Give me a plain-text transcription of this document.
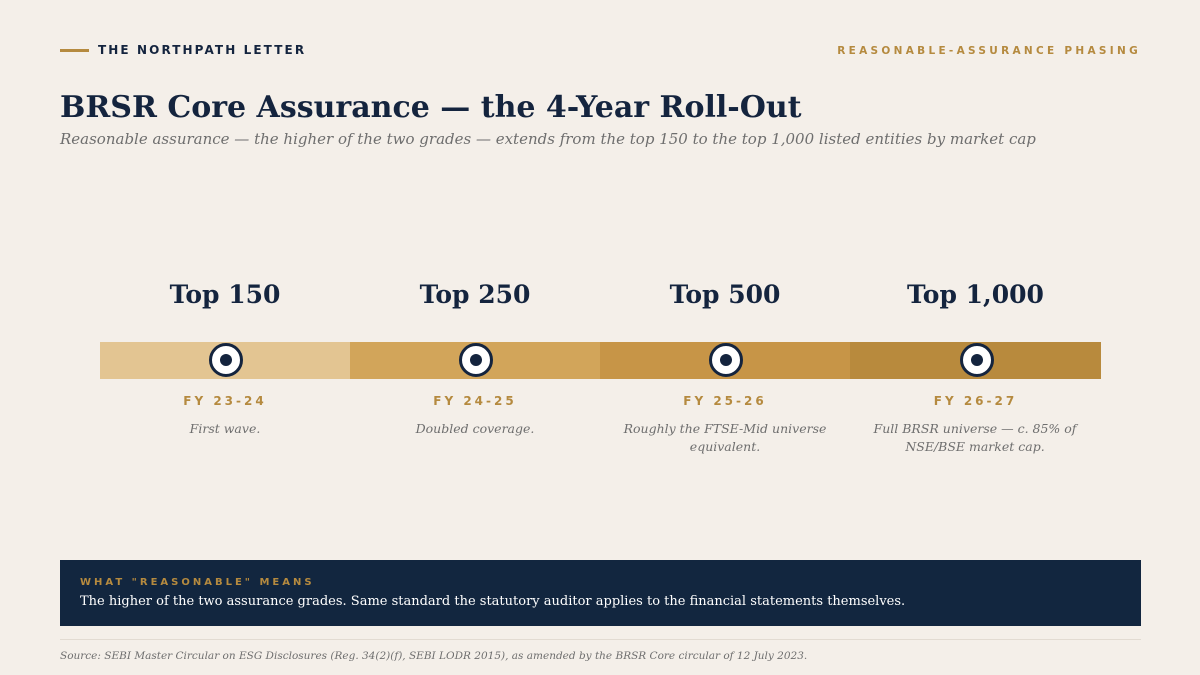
THE NORTHPATH LETTER	REASONABLE-ASSURANCE PHASING
BRSR Core Assurance — the 4-Year Roll-Out

Reasonable assurance — the higher of the two grades — extends from the top 150 to the top 1,000 listed entities by market cap

Top 150
FY 23-24
First wave.
Top 250
FY 24-25
Doubled coverage.
Top 500
FY 25-26
Roughly the FTSE-Mid universe equivalent.
Top 1,000
FY 26-27
Full BRSR universe — c. 85% of NSE/BSE market cap.
WHAT "REASONABLE" MEANS
The higher of the two assurance grades. Same standard the statutory auditor applies to the financial statements themselves.
Source: SEBI Master Circular on ESG Disclosures (Reg. 34(2)(f), SEBI LODR 2015), as amended by the BRSR Core circular of 12 July 2023.
